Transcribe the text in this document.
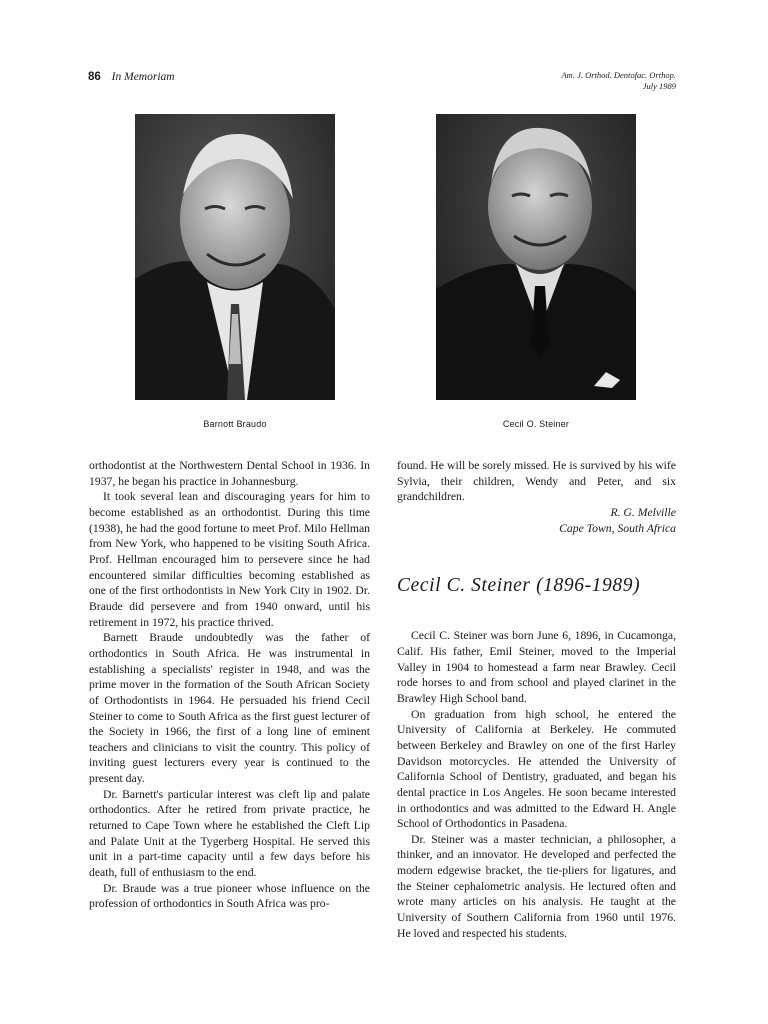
86 In Memoriam	Am. J. Orthod. Dentofac. Orthop.
July 1989
Barnott Braudo	Cecil O. Steiner

orthodontist at the Northwestern Dental School in 1936. In 1937, he began his practice in Johannesburg.

It took several lean and discouraging years for him to become established as an orthodontist. During this time (1938), he had the good fortune to meet Prof. Milo Hellman from New York, who happened to be visiting South Africa. Prof. Hellman encouraged him to persevere since he had encountered similar difficulties becoming established as one of the first orthodontists in New York City in 1902. Dr. Braude did persevere and from 1940 onward, until his retirement in 1972, his practice thrived.

Barnett Braude undoubtedly was the father of orthodontics in South Africa. He was instrumental in establishing a specialists' register in 1948, and was the prime mover in the formation of the South African Society of Orthodontists in 1964. He persuaded his friend Cecil Steiner to come to South Africa as the first guest lecturer of the Society in 1966, the first of a long line of eminent teachers and clinicians to visit the country. This policy of inviting guest lecturers every year is continued to the present day.

Dr. Barnett's particular interest was cleft lip and palate orthodontics. After he retired from private practice, he returned to Cape Town where he established the Cleft Lip and Palate Unit at the Tygerberg Hospital. He served this unit in a part-time capacity until a few days before his death, full of enthusiasm to the end.

Dr. Braude was a true pioneer whose influence on the profession of orthodontics in South Africa was pro-

found. He will be sorely missed. He is survived by his wife Sylvia, their children, Wendy and Peter, and six grandchildren.

R. G. Melville

Cape Town, South Africa

Cecil C. Steiner (1896-1989)

Cecil C. Steiner was born June 6, 1896, in Cucamonga, Calif. His father, Emil Steiner, moved to the Imperial Valley in 1904 to homestead a farm near Brawley. Cecil rode horses to and from school and played clarinet in the Brawley High School band.

On graduation from high school, he entered the University of California at Berkeley. He commuted between Berkeley and Brawley on one of the first Harley Davidson motorcycles. He attended the University of California School of Dentistry, graduated, and began his dental practice in Los Angeles. He soon became interested in orthodontics and was admitted to the Edward H. Angle School of Orthodontics in Pasadena.

Dr. Steiner was a master technician, a philosopher, a thinker, and an innovator. He developed and perfected the modern edgewise bracket, the tie-pliers for ligatures, and the Steiner cephalometric analysis. He lectured often and wrote many articles on his analysis. He taught at the University of Southern California from 1960 until 1976. He loved and respected his students.
